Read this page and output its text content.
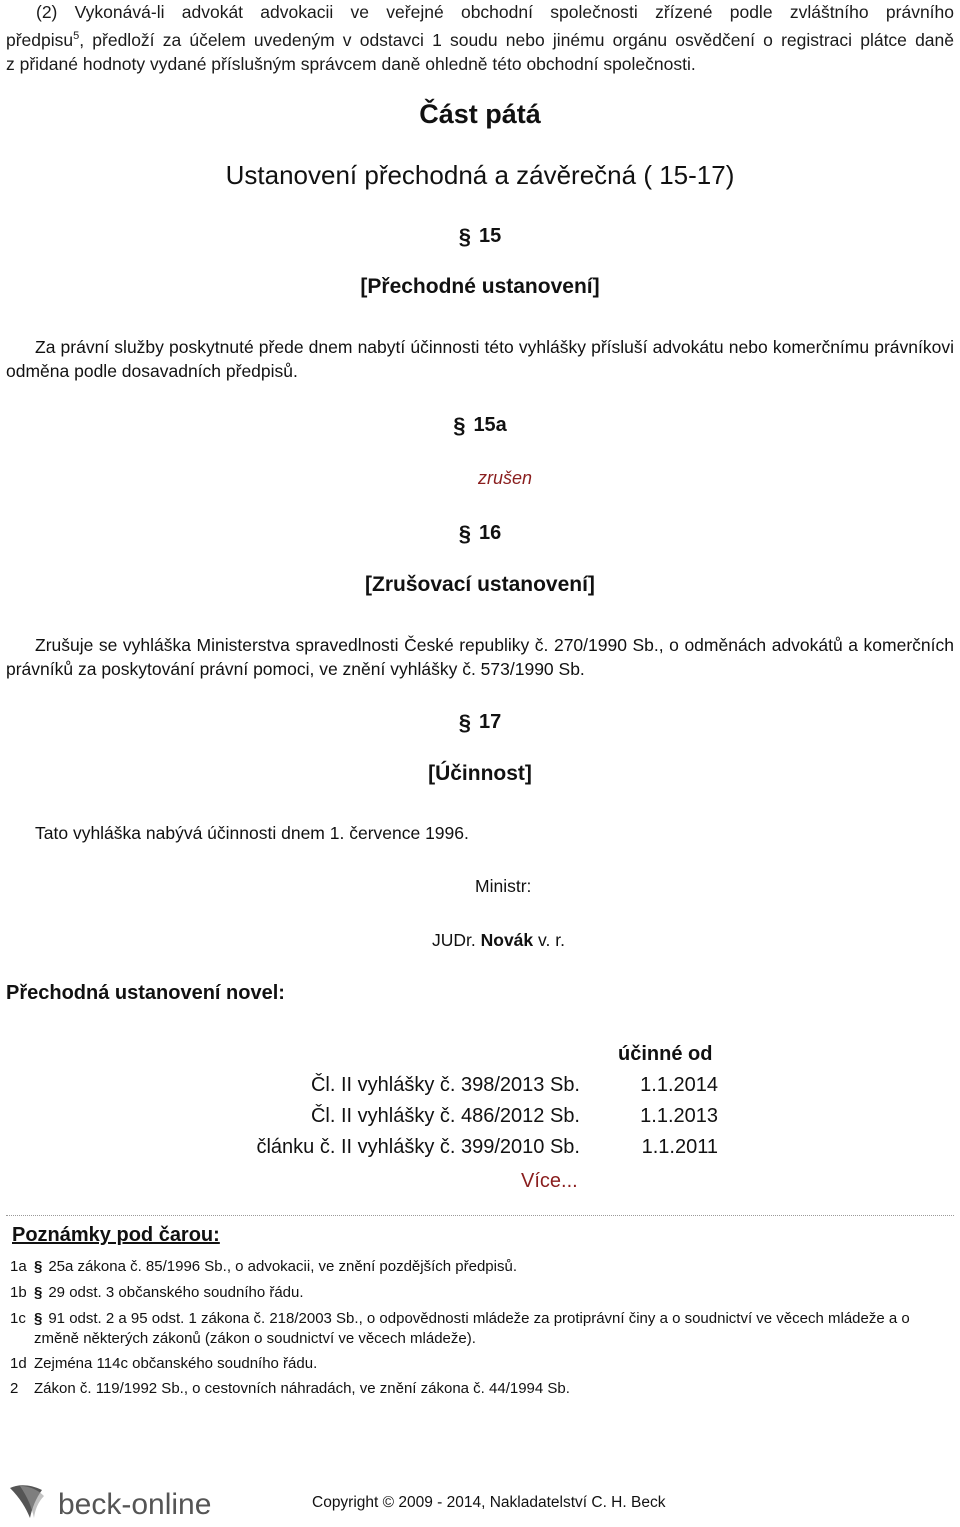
(2) Vykonává-li advokát advokacii ve veřejné obchodní společnosti zřízené podle zvláštního právního
předpisu$^5$, předloží za účelem uvedeným v odstavci 1 soudu nebo jinému orgánu osvědčení o registraci plátce daně
z přidané hodnoty vydané příslušným správcem daně ohledně této obchodní společnosti.
Část pátá
Ustanovení přechodná a závěrečná ( 15-17)
§ 15
[Přechodné ustanovení]
Za právní služby poskytnuté přede dnem nabytí účinnosti této vyhlášky přísluší advokátu nebo komerčnímu právníkovi odměna podle dosavadních předpisů.
§ 15a
zrušen
§ 16
[Zrušovací ustanovení]
Zrušuje se vyhláška Ministerstva spravedlnosti České republiky č. 270/1990 Sb., o odměnách advokátů a komerčních právníků za poskytování právní pomoci, ve znění vyhlášky č. 573/1990 Sb.
§ 17
[Účinnost]
Tato vyhláška nabývá účinnosti dnem 1. července 1996.
Ministr:
JUDr. Novák v. r.
Přechodná ustanovení novel:
účinné od
Čl. II vyhlášky č. 398/2013 Sb.	1.1.2014
Čl. II vyhlášky č. 486/2012 Sb.	1.1.2013
článku č. II vyhlášky č. 399/2010 Sb.	1.1.2011
Více...
Poznámky pod čarou:
1a § 25a zákona č. 85/1996 Sb., o advokacii, ve znění pozdějších předpisů.
1b § 29 odst. 3 občanského soudního řádu.
1c § 91 odst. 2 a 95 odst. 1 zákona č. 218/2003 Sb., o odpovědnosti mládeže za protiprávní činy a o soudnictví ve věcech mládeže a o změně některých zákonů (zákon o soudnictví ve věcech mládeže).
1d Zejména 114c občanského soudního řádu.
2 Zákon č. 119/1992 Sb., o cestovních náhradách, ve znění zákona č. 44/1994 Sb.
beck-online	Copyright © 2009 - 2014, Nakladatelství C. H. Beck
